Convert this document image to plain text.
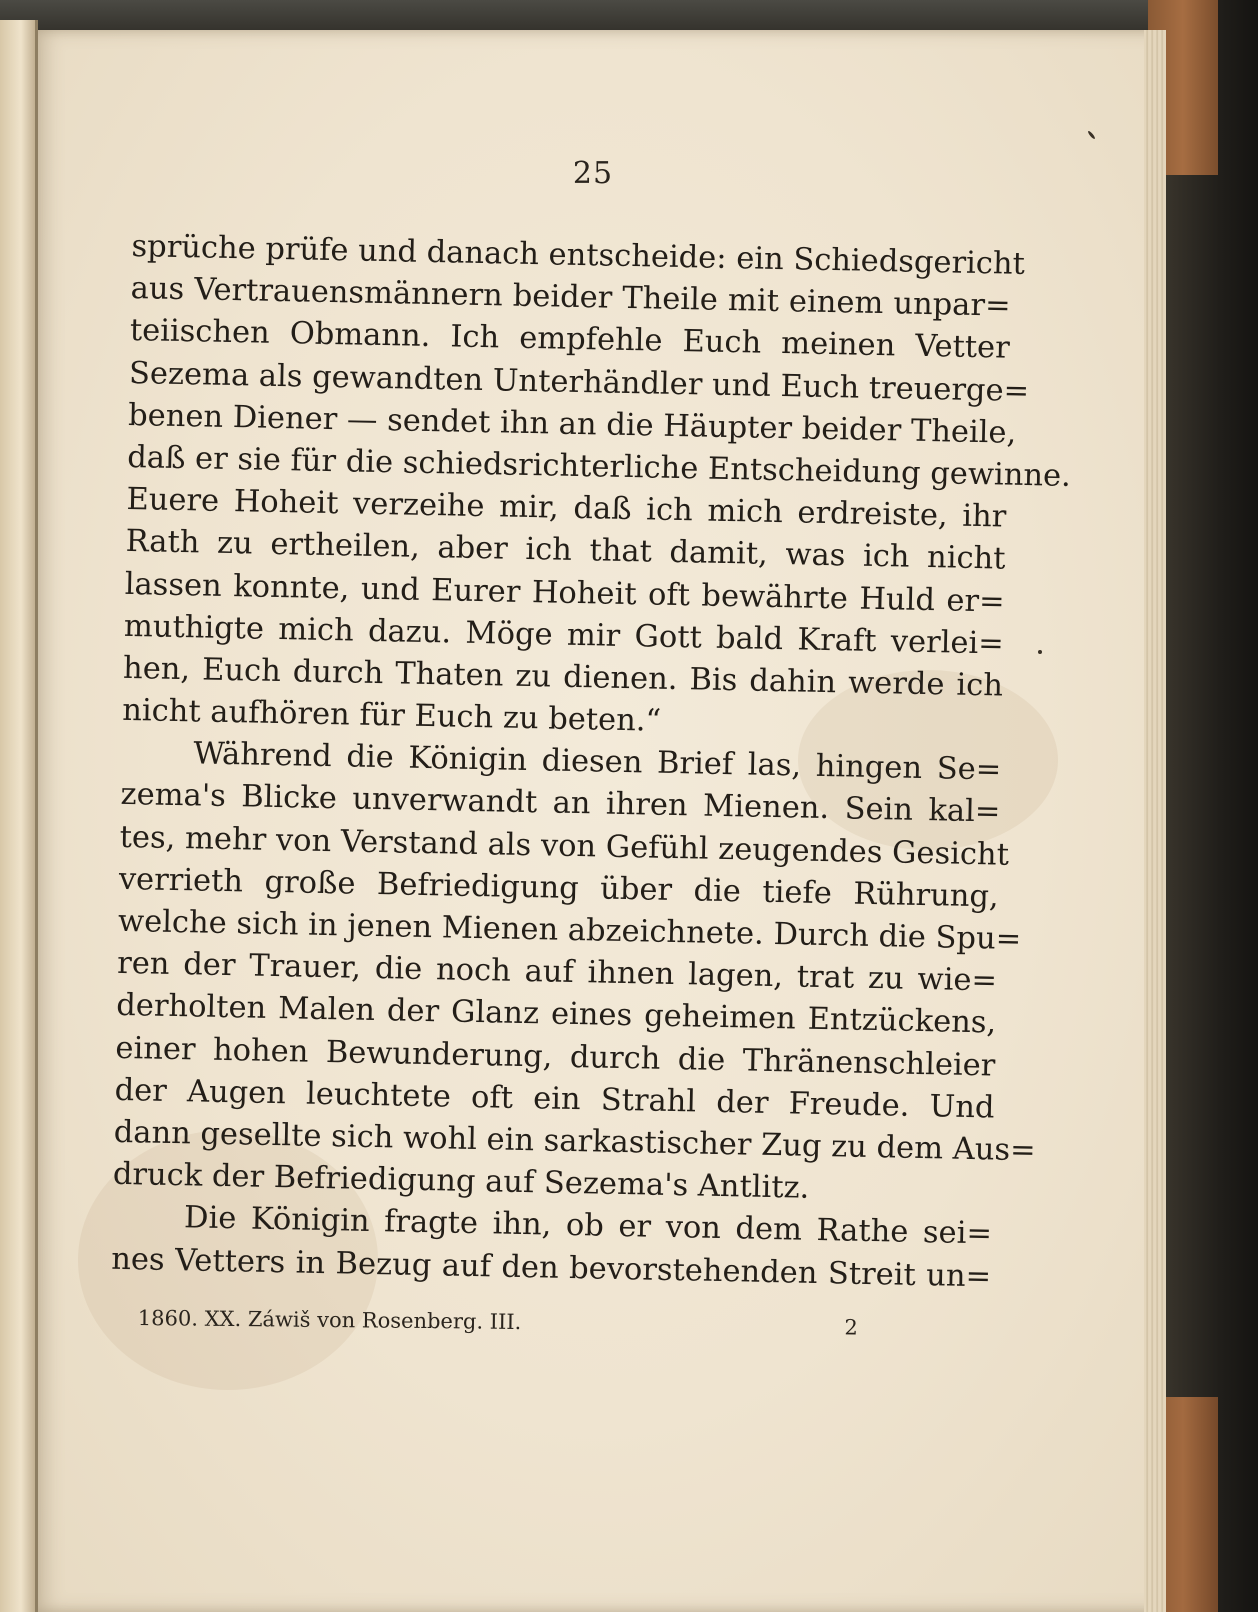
25
sprüche prüfe und danach entscheide: ein Schiedsgericht
aus Vertrauensmännern beider Theile mit einem unpar=
teiischen Obmann. Ich empfehle Euch meinen Vetter
Sezema als gewandten Unterhändler und Euch treuerge=
benen Diener — sendet ihn an die Häupter beider Theile,
daß er sie für die schiedsrichterliche Entscheidung gewinne.
Euere Hoheit verzeihe mir, daß ich mich erdreiste, ihr
Rath zu ertheilen, aber ich that damit, was ich nicht
lassen konnte, und Eurer Hoheit oft bewährte Huld er=
muthigte mich dazu. Möge mir Gott bald Kraft verlei=
hen, Euch durch Thaten zu dienen. Bis dahin werde ich
nicht aufhören für Euch zu beten.“
Während die Königin diesen Brief las, hingen Se=
zema's Blicke unverwandt an ihren Mienen. Sein kal=
tes, mehr von Verstand als von Gefühl zeugendes Gesicht
verrieth große Befriedigung über die tiefe Rührung,
welche sich in jenen Mienen abzeichnete. Durch die Spu=
ren der Trauer, die noch auf ihnen lagen, trat zu wie=
derholten Malen der Glanz eines geheimen Entzückens,
einer hohen Bewunderung, durch die Thränenschleier
der Augen leuchtete oft ein Strahl der Freude. Und
dann gesellte sich wohl ein sarkastischer Zug zu dem Aus=
druck der Befriedigung auf Sezema's Antlitz.
Die Königin fragte ihn, ob er von dem Rathe sei=
nes Vetters in Bezug auf den bevorstehenden Streit un=
1860. XX. Záwiš von Rosenberg. III.	2
